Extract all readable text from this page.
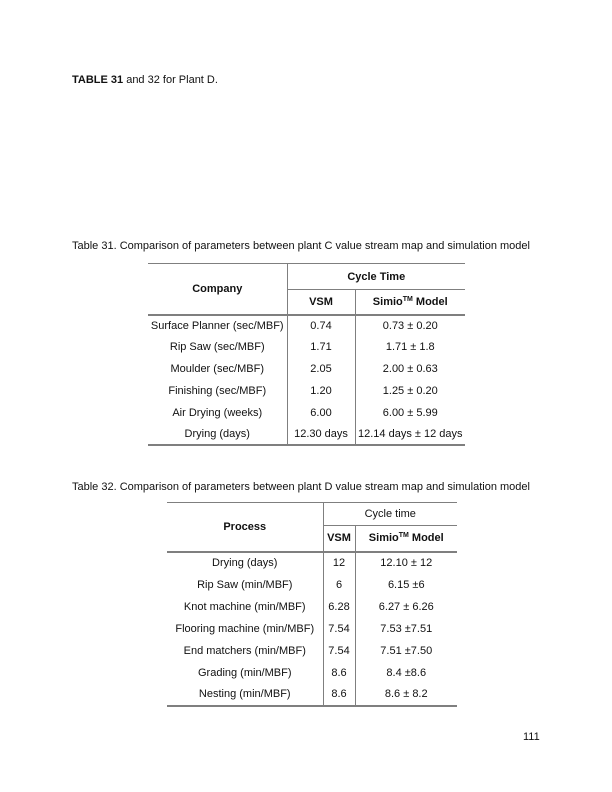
TABLE 31 and 32 for Plant D.

Table 31. Comparison of parameters between plant C value stream map and simulation model

Company	Cycle Time	
	VSM	Simio™ Model
Surface Planner (sec/MBF)	0.74	0.73 ± 0.20
Rip Saw (sec/MBF)	1.71	1.71 ± 1.8
Moulder (sec/MBF)	2.05	2.00 ± 0.63
Finishing (sec/MBF)	1.20	1.25 ± 0.20
Air Drying (weeks)	6.00	6.00 ± 5.99
Drying (days)	12.30 days	12.14 days ± 12 days

Table 32. Comparison of parameters between plant D value stream map and simulation model

Process	Cycle time	
	VSM	Simio™ Model
Drying (days)	12	12.10 ± 12
Rip Saw (min/MBF)	6	6.15 ±6
Knot machine (min/MBF)	6.28	6.27 ± 6.26
Flooring machine (min/MBF)	7.54	7.53 ±7.51
End matchers (min/MBF)	7.54	7.51 ±7.50
Grading (min/MBF)	8.6	8.4 ±8.6
Nesting (min/MBF)	8.6	8.6 ± 8.2
111
